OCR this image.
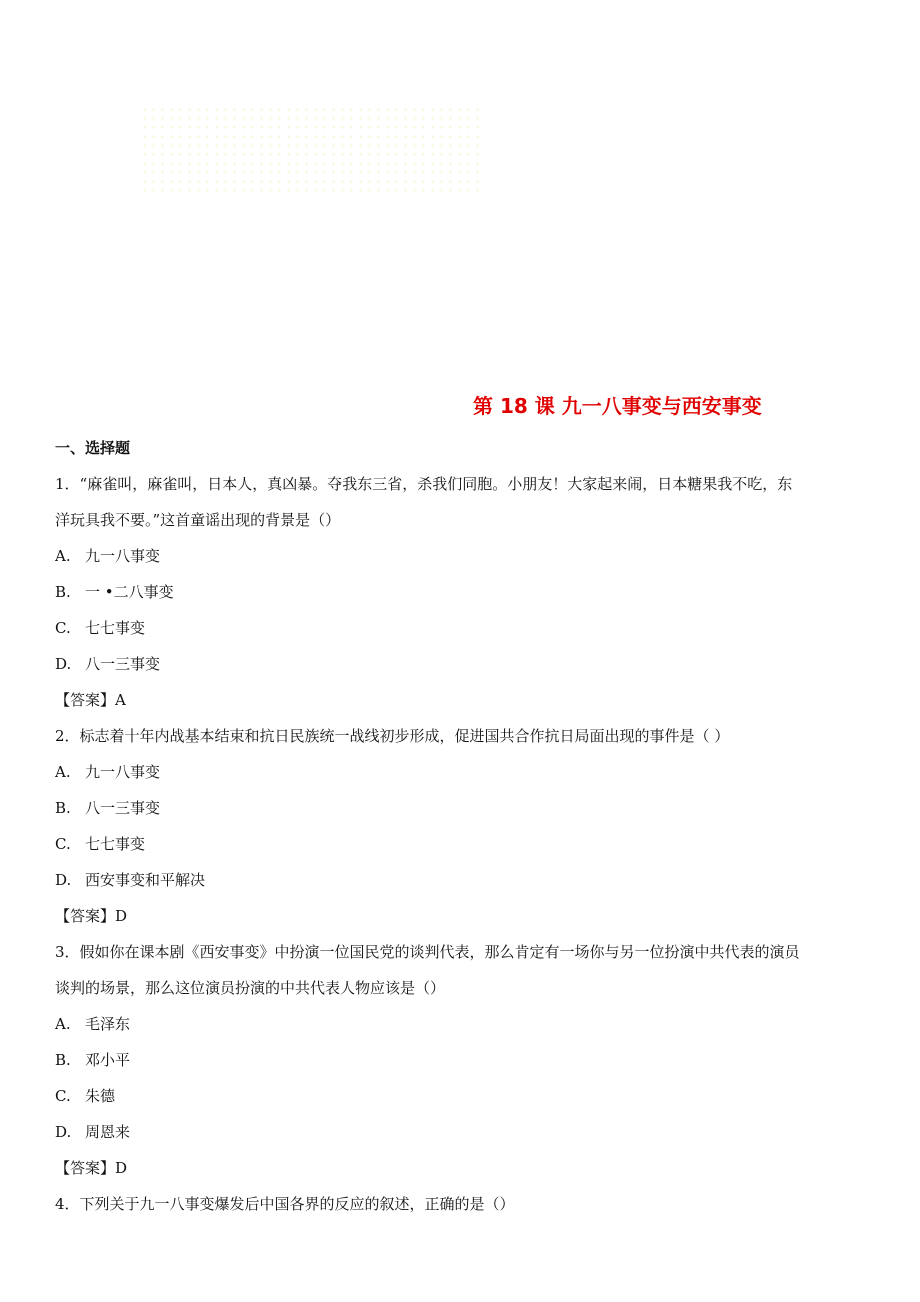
第 18 课 九一八事变与西安事变
一、选择题
1．“麻雀叫，麻雀叫，日本人，真凶暴。夺我东三省，杀我们同胞。小朋友！大家起来闹，日本糖果我不吃，东
洋玩具我不要。”这首童谣出现的背景是（）
A. 九一八事变
B. 一 •二八事变
C. 七七事变
D. 八一三事变
【答案】A
2．标志着十年内战基本结束和抗日民族统一战线初步形成，促进国共合作抗日局面出现的事件是（ ）
A. 九一八事变
B. 八一三事变
C. 七七事变
D. 西安事变和平解决
【答案】D
3．假如你在课本剧《西安事变》中扮演一位国民党的谈判代表，那么肯定有一场你与另一位扮演中共代表的演员
谈判的场景，那么这位演员扮演的中共代表人物应该是（）
A. 毛泽东
B. 邓小平
C. 朱德
D. 周恩来
【答案】D
4．下列关于九一八事变爆发后中国各界的反应的叙述，正确的是（）
